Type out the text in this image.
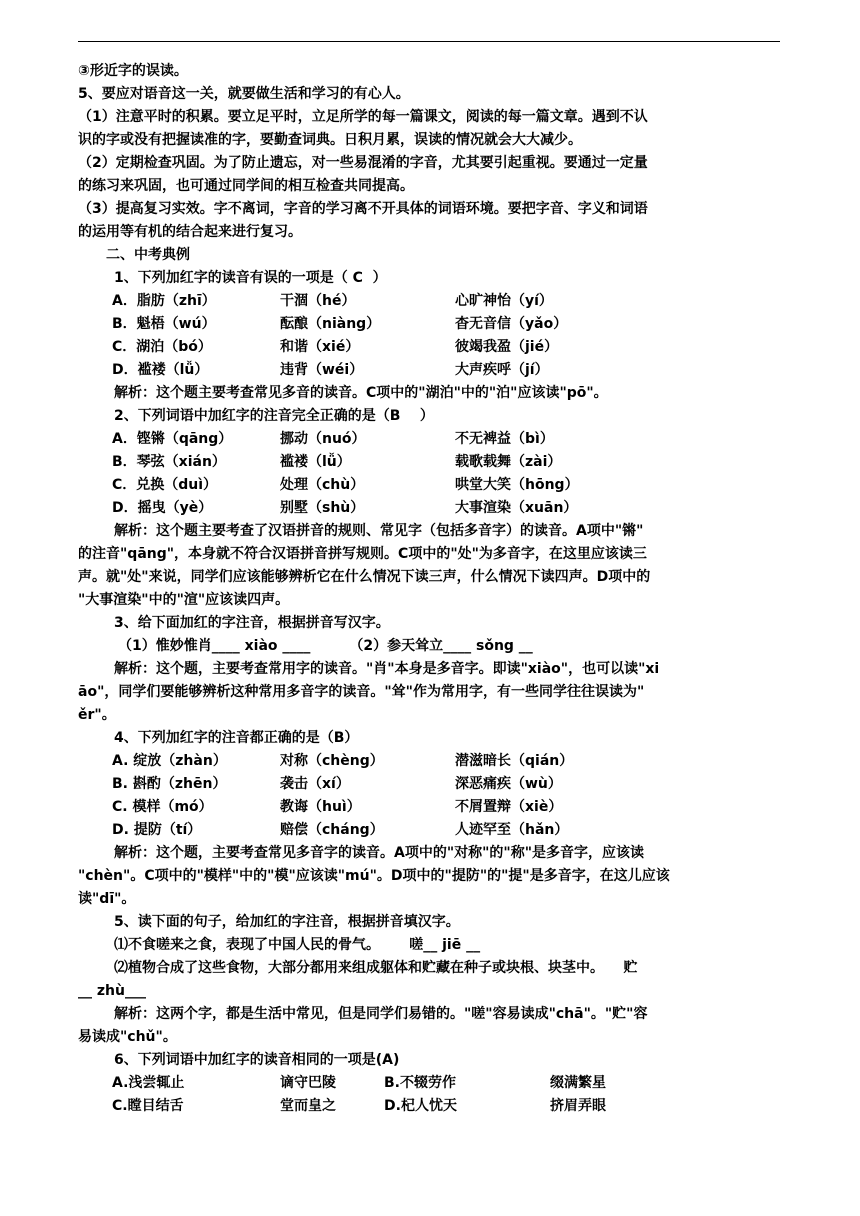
③形近字的误读。

5、要应对语音这一关，就要做生活和学习的有心人。

（1）注意平时的积累。要立足平时，立足所学的每一篇课文，阅读的每一篇文章。遇到不认

识的字或没有把握读准的字，要勤查词典。日积月累，误读的情况就会大大减少。

（2）定期检查巩固。为了防止遗忘，对一些易混淆的字音，尤其要引起重视。要通过一定量

的练习来巩固，也可通过同学间的相互检查共同提高。

（3）提高复习实效。字不离词，字音的学习离不开具体的词语环境。要把字音、字义和词语

的运用等有机的结合起来进行复习。

二、中考典例

1、下列加红字的读音有误的一项是（ C  ）

A．脂肪（zhī）	干涸（hé）	心旷神怡（yí）
B．魁梧（wú）	酝酿（niàng）	杳无音信（yǎo）
C．湖泊（bó）	和谐（xié）	彼竭我盈（jié）
D．褴褛（lǚ）	违背（wéi）	大声疾呼（jí）

解析：这个题主要考查常见多音的读音。C项中的"湖泊"中的"泊"应该读"pō"。

2、下列词语中加红字的注音完全正确的是（B    ）

A．铿锵（qāng）	挪动（nuó）	不无裨益（bì）
B．琴弦（xián）	褴褛（lǚ）	载歌载舞（zài）
C．兑换（duì）	处理（chù）	哄堂大笑（hōng）
D．摇曳（yè）	别墅（shù）	大事渲染（xuān）

解析：这个题主要考查了汉语拼音的规则、常见字（包括多音字）的读音。A项中"锵"

的注音"qāng"，本身就不符合汉语拼音拼写规则。C项中的"处"为多音字，在这里应该读三

声。就"处"来说，同学们应该能够辨析它在什么情况下读三声，什么情况下读四声。D项中的

"大事渲染"中的"渲"应该读四声。

3、给下面加红的字注音，根据拼音写汉字。

（1）惟妙惟肖____ xiào ____        （2）参天耸立____ sǒng __

解析：这个题，主要考查常用字的读音。"肖"本身是多音字。即读"xiào"，也可以读"xi

āo"，同学们要能够辨析这种常用多音字的读音。"耸"作为常用字，有一些同学往往误读为"

ěr"。

4、下列加红字的注音都正确的是（B）

A. 绽放（zhàn）	对称（chèng）	潜滋暗长（qián）
B. 斟酌（zhēn）	袭击（xí）	深恶痛疾（wù）
C. 模样（mó）	教诲（huì）	不屑置辩（xiè）
D. 提防（tí）	赔偿（cháng）	人迹罕至（hǎn）

解析：这个题，主要考查常见多音字的读音。A项中的"对称"的"称"是多音字，应该读

"chèn"。C项中的"模样"中的"模"应该读"mú"。D项中的"提防"的"提"是多音字，在这儿应该

读"dī"。

5、读下面的句子，给加红的字注音，根据拼音填汉字。

⑴不食嗟来之食，表现了中国人民的骨气。      嗟__ jiē __

⑵植物合成了这些食物，大部分都用来组成躯体和贮藏在种子或块根、块茎中。    贮

__ zhù___

解析：这两个字，都是生活中常见，但是同学们易错的。"嗟"容易读成"chā"。"贮"容

易读成"chǔ"。

6、下列词语中加红字的读音相同的一项是(A)

A.浅尝辄止	谪守巴陵	B.不辍劳作	缀满繁星
C.瞠目结舌	堂而皇之	D.杞人忧天	挤眉弄眼
